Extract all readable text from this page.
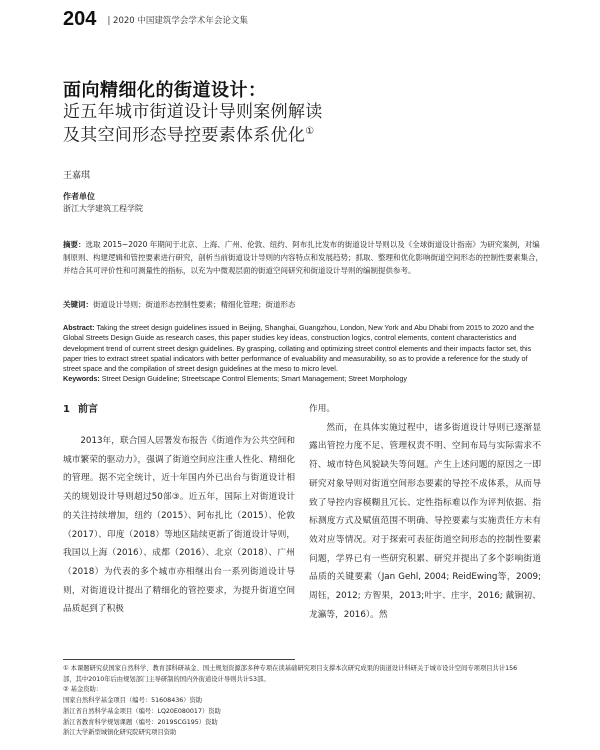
204 | 2020 中国建筑学会学术年会论文集
面向精细化的街道设计：
近五年城市街道设计导则案例解读
及其空间形态导控要素体系优化①
王嘉琪
作者单位
浙江大学建筑工程学院
摘要：选取 2015~2020 年期间于北京、上海、广州、伦敦、纽约、阿布扎比发布的街道设计导则以及《全球街道设计指南》为研究案例，对编制原则、构建逻辑和管控要素进行研究，剖析当前街道设计导则的内容特点和发展趋势；抓取、整理和优化影响街道空间形态的控制性要素集合，并结合其可评价性和可测量性的指标，以充为中微观层面的街道空间研究和街道设计导则的编制提供参考。
关键词：街道设计导则；街道形态控制性要素；精细化管理；街道形态
Abstract: Taking the street design guidelines issued in Beijing, Shanghai, Guangzhou, London, New York and Abu Dhabi from 2015 to 2020 and the Global Streets Design Guide as research cases, this paper studies key ideas, construction logics, control elements, content characteristics and development trend of current street design guidelines. By grasping, collating and optimizing street control elements and their impacts factor set, this paper tries to extract street spatial indicators with better performance of evaluability and measurability, so as to provide a reference for the study of street space and the compilation of street design guidelines at the meso to micro level.
Keywords: Street Design Guideline; Streetscape Control Elements; Smart Management; Street Morphology
1 前言

2013年，联合国人居署发布报告《街道作为公共空间和城市繁荣的驱动力》，强调了街道空间应注重人性化、精细化的管理。据不完全统计，近十年国内外已出台与街道设计相关的规划设计导则超过50部③。近五年，国际上对街道设计的关注持续增加，纽约（2015）、阿布扎比（2015）、伦敦（2017）、印度（2018）等地区陆续更新了街道设计导则，我国以上海（2016）、成都（2016）、北京（2018）、广州（2018）为代表的多个城市亦相继出台一系列街道设计导则，对街道设计提出了精细化的管控要求，为提升街道空间品质起到了积极

作用。

然而，在具体实施过程中，诸多街道设计导则已逐渐显露出管控力度不足、管理权责不明、空间布局与实际需求不符、城市特色风貌缺失等问题。产生上述问题的原因之一即研究对象导则对街道空间形态要素的导控不成体系，从而导致了导控内容模糊且冗长、定性指标难以作为评判依据、指标测度方式及赋值范围不明确、导控要素与实施责任方未有效对应等情况。对于探索可表征街道空间形态的控制性要素问题，学界已有一些研究积累、研究并提出了多个影响街道品质的关键要素（Jan Gehl, 2004; ReidEwing等，2009; 周钰，2012; 方智果，2013;叶宇、庄宇，2016; 戴锏初、龙瀛等，2016）。然

① 本课题研究获国家自然科学、教育部科研基金、国土规划资源部多种专项在读基础研究项目支撑本次研究成果的街道设计科研关于城市设计空间专项项目共计156
部，其中2010年后由规划部门主导研制的国内外街道设计导则共计53部。
② 基金资助：
国家自然科学基金项目（编号：51608436）资助
浙江省自然科学基金项目（编号：LQ20E080017）资助
浙江省教育科学规划课题（编号：2019SCG195）资助
浙江大学新型城镇化研究院研究项目资助
